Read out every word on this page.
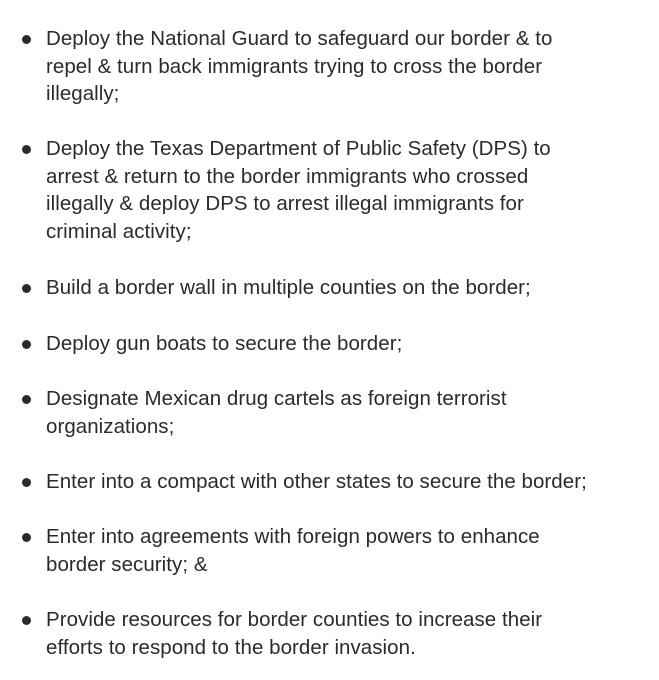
Deploy the National Guard to safeguard our border & to
repel & turn back immigrants trying to cross the border
illegally;

Deploy the Texas Department of Public Safety (DPS) to
arrest & return to the border immigrants who crossed
illegally & deploy DPS to arrest illegal immigrants for
criminal activity;

Build a border wall in multiple counties on the border;

Deploy gun boats to secure the border;

Designate Mexican drug cartels as foreign terrorist
organizations;

Enter into a compact with other states to secure the border;

Enter into agreements with foreign powers to enhance
border security; &

Provide resources for border counties to increase their
efforts to respond to the border invasion.
